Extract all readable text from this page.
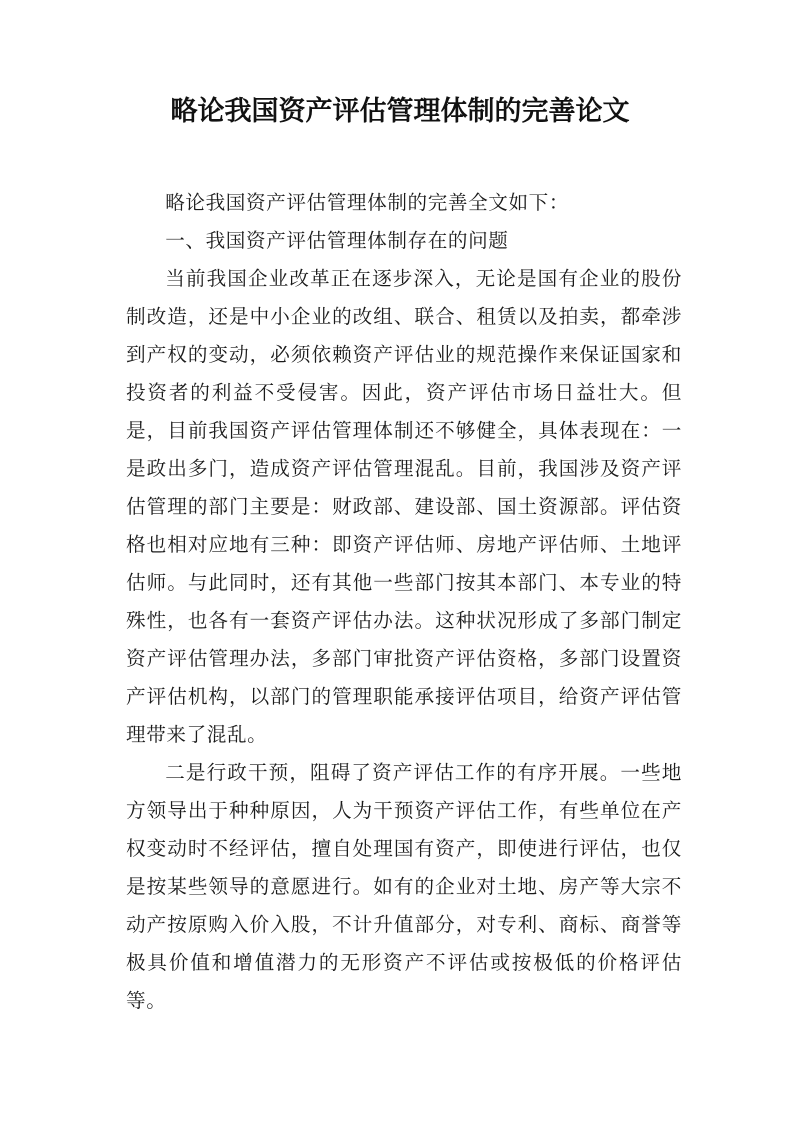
略论我国资产评估管理体制的完善论文

略论我国资产评估管理体制的完善全文如下：

一、我国资产评估管理体制存在的问题

当前我国企业改革正在逐步深入，无论是国有企业的股份制改造，还是中小企业的改组、联合、租赁以及拍卖，都牵涉到产权的变动，必须依赖资产评估业的规范操作来保证国家和投资者的利益不受侵害。因此，资产评估市场日益壮大。但是，目前我国资产评估管理体制还不够健全，具体表现在：一是政出多门，造成资产评估管理混乱。目前，我国涉及资产评估管理的部门主要是：财政部、建设部、国土资源部。评估资格也相对应地有三种：即资产评估师、房地产评估师、土地评估师。与此同时，还有其他一些部门按其本部门、本专业的特殊性，也各有一套资产评估办法。这种状况形成了多部门制定资产评估管理办法，多部门审批资产评估资格，多部门设置资产评估机构，以部门的管理职能承接评估项目，给资产评估管理带来了混乱。

二是行政干预，阻碍了资产评估工作的有序开展。一些地方领导出于种种原因，人为干预资产评估工作，有些单位在产权变动时不经评估，擅自处理国有资产，即使进行评估，也仅是按某些领导的意愿进行。如有的企业对土地、房产等大宗不动产按原购入价入股，不计升值部分，对专利、商标、商誉等极具价值和增值潜力的无形资产不评估或按极低的价格评估等。
